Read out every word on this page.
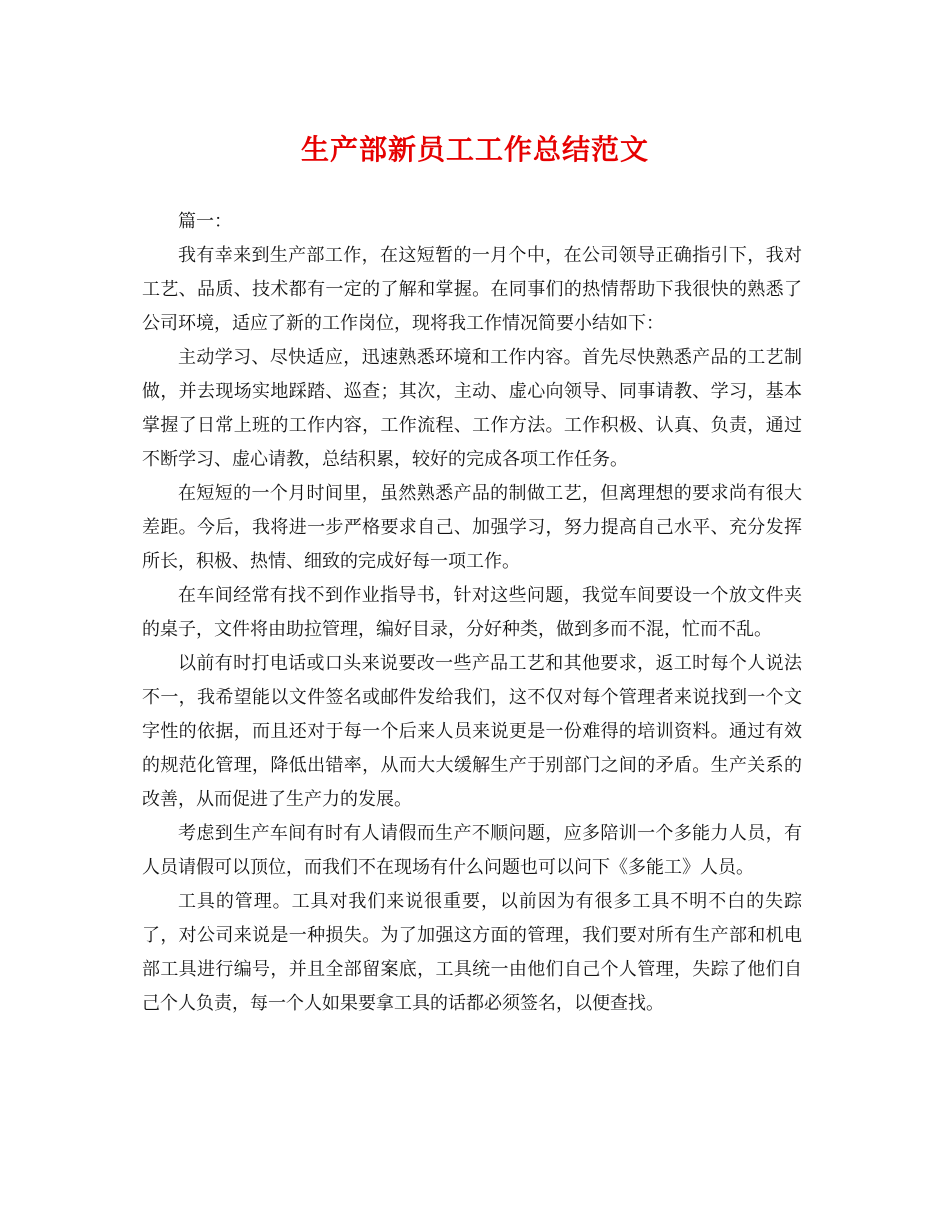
生产部新员工工作总结范文

篇一：

我有幸来到生产部工作，在这短暂的一月个中，在公司领导正确指引下，我对工艺、品质、技术都有一定的了解和掌握。在同事们的热情帮助下我很快的熟悉了公司环境，适应了新的工作岗位，现将我工作情况简要小结如下：

主动学习、尽快适应，迅速熟悉环境和工作内容。首先尽快熟悉产品的工艺制做，并去现场实地踩踏、巡查；其次，主动、虚心向领导、同事请教、学习，基本掌握了日常上班的工作内容，工作流程、工作方法。工作积极、认真、负责，通过不断学习、虚心请教，总结积累，较好的完成各项工作任务。

在短短的一个月时间里，虽然熟悉产品的制做工艺，但离理想的要求尚有很大差距。今后，我将进一步严格要求自己、加强学习，努力提高自己水平、充分发挥所长，积极、热情、细致的完成好每一项工作。

在车间经常有找不到作业指导书，针对这些问题，我觉车间要设一个放文件夹的桌子，文件将由助拉管理，编好目录，分好种类，做到多而不混，忙而不乱。

以前有时打电话或口头来说要改一些产品工艺和其他要求，返工时每个人说法不一，我希望能以文件签名或邮件发给我们，这不仅对每个管理者来说找到一个文字性的依据，而且还对于每一个后来人员来说更是一份难得的培训资料。通过有效的规范化管理，降低出错率，从而大大缓解生产于别部门之间的矛盾。生产关系的改善，从而促进了生产力的发展。

考虑到生产车间有时有人请假而生产不顺问题，应多陪训一个多能力人员，有人员请假可以顶位，而我们不在现场有什么问题也可以问下《多能工》人员。

工具的管理。工具对我们来说很重要，以前因为有很多工具不明不白的失踪了，对公司来说是一种损失。为了加强这方面的管理，我们要对所有生产部和机电部工具进行编号，并且全部留案底，工具统一由他们自己个人管理，失踪了他们自己个人负责，每一个人如果要拿工具的话都必须签名，以便查找。
